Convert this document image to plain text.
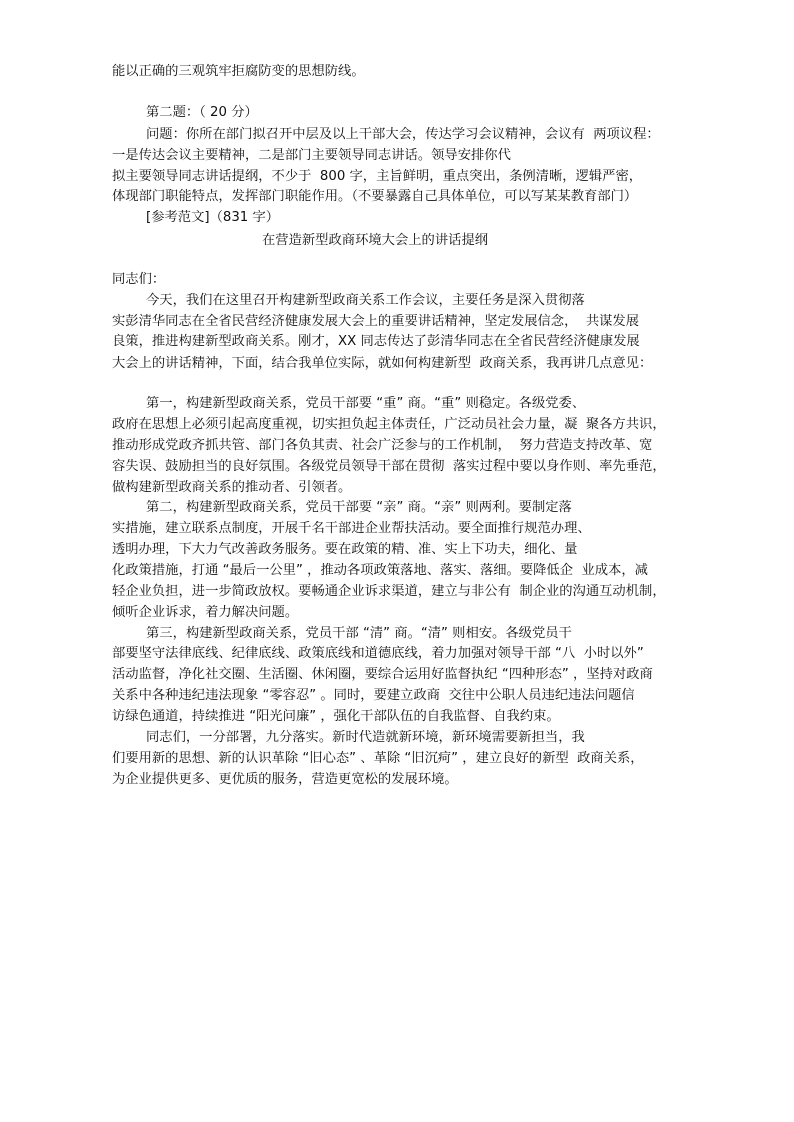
能以正确的三观筑牢拒腐防变的思想防线。
第二题：（ 20 分）
问题：你所在部门拟召开中层及以上干部大会，传达学习会议精神，会议有  两项议程：
一是传达会议主要精神，二是部门主要领导同志讲话。领导安排你代
拟主要领导同志讲话提纲，不少于  800 字，主旨鲜明，重点突出，条例清晰，逻辑严密，
体现部门职能特点，发挥部门职能作用。（不要暴露自己具体单位，可以写某某教育部门）
[参考范文]（831 字）
在营造新型政商环境大会上的讲话提纲
同志们：
今天，我们在这里召开构建新型政商关系工作会议，主要任务是深入贯彻落
实彭清华同志在全省民营经济健康发展大会上的重要讲话精神，坚定发展信念，  共谋发展
良策，推进构建新型政商关系。刚才，XX 同志传达了彭清华同志在全省民营经济健康发展
大会上的讲话精神，下面，结合我单位实际，就如何构建新型  政商关系，我再讲几点意见：
第一，构建新型政商关系，党员干部要 “重” 商。“重” 则稳定。各级党委、
政府在思想上必须引起高度重视，切实担负起主体责任，广泛动员社会力量，凝  聚各方共识，
推动形成党政齐抓共管、部门各负其责、社会广泛参与的工作机制，  努力营造支持改革、宽
容失误、鼓励担当的良好氛围。各级党员领导干部在贯彻  落实过程中要以身作则、率先垂范，
做构建新型政商关系的推动者、引领者。
第二，构建新型政商关系，党员干部要 “亲” 商。“亲” 则两利。要制定落
实措施，建立联系点制度，开展千名干部进企业帮扶活动。要全面推行规范办理、
透明办理，下大力气改善政务服务。要在政策的精、准、实上下功夫，细化、量
化政策措施，打通 “最后一公里” ，推动各项政策落地、落实、落细。要降低企  业成本，减
轻企业负担，进一步简政放权。要畅通企业诉求渠道，建立与非公有  制企业的沟通互动机制，
倾听企业诉求，着力解决问题。
第三，构建新型政商关系，党员干部 “清” 商。“清” 则相安。各级党员干
部要坚守法律底线、纪律底线、政策底线和道德底线，着力加强对领导干部 “八  小时以外”
活动监督，净化社交圈、生活圈、休闲圈，要综合运用好监督执纪 “四种形态” ，坚持对政商
关系中各种违纪违法现象 “零容忍” 。同时，要建立政商  交往中公职人员违纪违法问题信
访绿色通道，持续推进 “阳光问廉” ，强化干部队伍的自我监督、自我约束。
同志们，一分部署，九分落实。新时代造就新环境，新环境需要新担当，我
们要用新的思想、新的认识革除 “旧心态” 、革除 “旧沉疴” ，建立良好的新型  政商关系，
为企业提供更多、更优质的服务，营造更宽松的发展环境。
